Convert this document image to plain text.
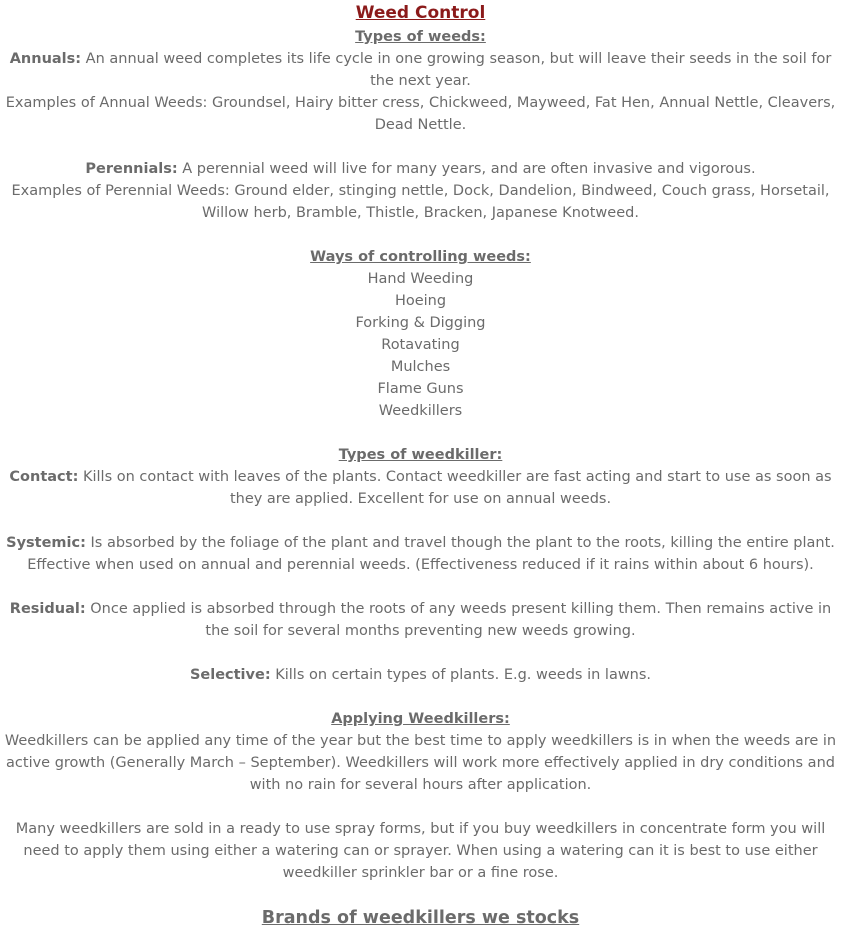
Weed Control

Types of weeds:

Annuals: An annual weed completes its life cycle in one growing season, but will leave their seeds in the soil for the next year.

Examples of Annual Weeds: Groundsel, Hairy bitter cress, Chickweed, Mayweed, Fat Hen, Annual Nettle, Cleavers, Dead Nettle.

Perennials: A perennial weed will live for many years, and are often invasive and vigorous.

Examples of Perennial Weeds: Ground elder, stinging nettle, Dock, Dandelion, Bindweed, Couch grass, Horsetail, Willow herb, Bramble, Thistle, Bracken, Japanese Knotweed.

Ways of controlling weeds:

Hand Weeding

Hoeing

Forking & Digging

Rotavating

Mulches

Flame Guns

Weedkillers

Types of weedkiller:

Contact: Kills on contact with leaves of the plants. Contact weedkiller are fast acting and start to use as soon as they are applied. Excellent for use on annual weeds.

Systemic: Is absorbed by the foliage of the plant and travel though the plant to the roots, killing the entire plant. Effective when used on annual and perennial weeds. (Effectiveness reduced if it rains within about 6 hours).

Residual: Once applied is absorbed through the roots of any weeds present killing them. Then remains active in the soil for several months preventing new weeds growing.

Selective: Kills on certain types of plants. E.g. weeds in lawns.

Applying Weedkillers:

Weedkillers can be applied any time of the year but the best time to apply weedkillers is in when the weeds are in active growth (Generally March – September). Weedkillers will work more effectively applied in dry conditions and with no rain for several hours after application.

Many weedkillers are sold in a ready to use spray forms, but if you buy weedkillers in concentrate form you will need to apply them using either a watering can or sprayer. When using a watering can it is best to use either weedkiller sprinkler bar or a fine rose.

Brands of weedkillers we stocks
